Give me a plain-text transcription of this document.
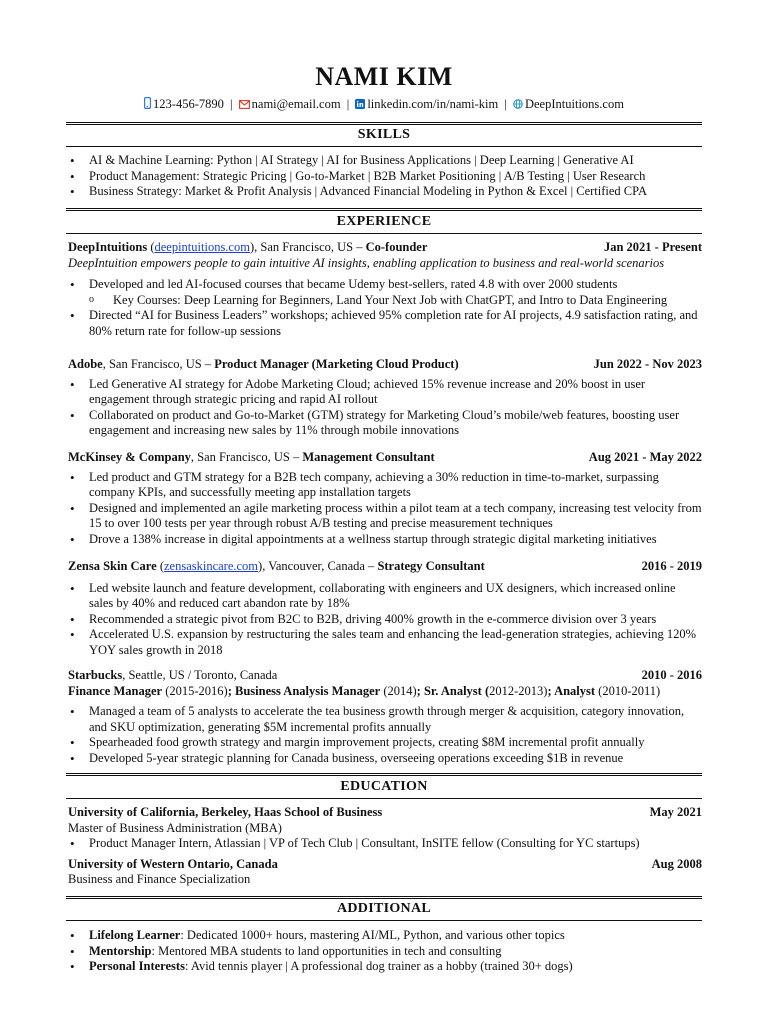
NAMI KIM
123-456-7890 | nami@email.com | linkedin.com/in/nami-kim | DeepIntuitions.com
SKILLS
• AI & Machine Learning: Python | AI Strategy | AI for Business Applications | Deep Learning | Generative AI
• Product Management: Strategic Pricing | Go-to-Market | B2B Market Positioning | A/B Testing | User Research
• Business Strategy: Market & Profit Analysis | Advanced Financial Modeling in Python & Excel | Certified CPA
EXPERIENCE
DeepIntuitions (deepintuitions.com), San Francisco, US – Co-founder	Jan 2021 - Present
DeepIntuition empowers people to gain intuitive AI insights, enabling application to business and real-world scenarios
• Developed and led AI-focused courses that became Udemy best-sellers, rated 4.8 with over 2000 students
o Key Courses: Deep Learning for Beginners, Land Your Next Job with ChatGPT, and Intro to Data Engineering
• Directed “AI for Business Leaders” workshops; achieved 95% completion rate for AI projects, 4.9 satisfaction rating, and 80% return rate for follow-up sessions
Adobe, San Francisco, US – Product Manager (Marketing Cloud Product)	Jun 2022 - Nov 2023
• Led Generative AI strategy for Adobe Marketing Cloud; achieved 15% revenue increase and 20% boost in user engagement through strategic pricing and rapid AI rollout
• Collaborated on product and Go-to-Market (GTM) strategy for Marketing Cloud’s mobile/web features, boosting user engagement and increasing new sales by 11% through mobile innovations
McKinsey & Company, San Francisco, US – Management Consultant	Aug 2021 - May 2022
• Led product and GTM strategy for a B2B tech company, achieving a 30% reduction in time-to-market, surpassing company KPIs, and successfully meeting app installation targets
• Designed and implemented an agile marketing process within a pilot team at a tech company, increasing test velocity from 15 to over 100 tests per year through robust A/B testing and precise measurement techniques
• Drove a 138% increase in digital appointments at a wellness startup through strategic digital marketing initiatives
Zensa Skin Care (zensaskincare.com), Vancouver, Canada – Strategy Consultant	2016 - 2019
• Led website launch and feature development, collaborating with engineers and UX designers, which increased online sales by 40% and reduced cart abandon rate by 18%
• Recommended a strategic pivot from B2C to B2B, driving 400% growth in the e-commerce division over 3 years
• Accelerated U.S. expansion by restructuring the sales team and enhancing the lead-generation strategies, achieving 120% YOY sales growth in 2018
Starbucks, Seattle, US / Toronto, Canada	2010 - 2016
Finance Manager (2015-2016); Business Analysis Manager (2014); Sr. Analyst (2012-2013); Analyst (2010-2011)
• Managed a team of 5 analysts to accelerate the tea business growth through merger & acquisition, category innovation, and SKU optimization, generating $5M incremental profits annually
• Spearheaded food growth strategy and margin improvement projects, creating $8M incremental profit annually
• Developed 5-year strategic planning for Canada business, overseeing operations exceeding $1B in revenue
EDUCATION
University of California, Berkeley, Haas School of Business	May 2021
Master of Business Administration (MBA)
• Product Manager Intern, Atlassian | VP of Tech Club | Consultant, InSITE fellow (Consulting for YC startups)
University of Western Ontario, Canada	Aug 2008
Business and Finance Specialization
ADDITIONAL
• Lifelong Learner: Dedicated 1000+ hours, mastering AI/ML, Python, and various other topics
• Mentorship: Mentored MBA students to land opportunities in tech and consulting
• Personal Interests: Avid tennis player | A professional dog trainer as a hobby (trained 30+ dogs)
